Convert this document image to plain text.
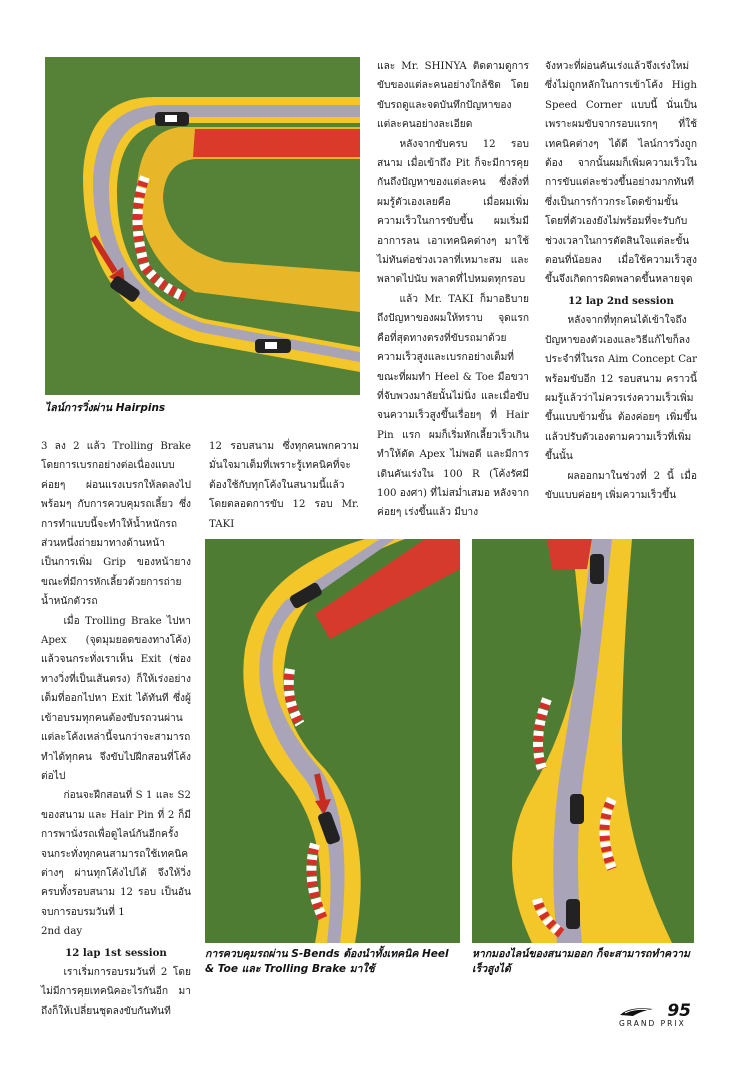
ไลน์การวิ่งผ่าน Hairpins

3 ลง 2 แล้ว Trolling Brake โดยการเบรกอย่างต่อเนื่องแบบค่อยๆ ผ่อนแรงเบรกให้ลดลงไปพร้อมๆ กับการควบคุมรถเลี้ยว ซึ่งการทำแบบนี้จะทำให้น้ำหนักรถส่วนหนึ่งถ่ายมาทางด้านหน้า เป็นการเพิ่ม Grip ของหน้ายางขณะที่มีการหักเลี้ยวด้วยการถ่ายน้ำหนักตัวรถ

เมื่อ Trolling Brake ไปหา Apex (จุดมุมยอดของทางโค้ง) แล้วจนกระทั่งเราเห็น Exit (ช่องทางวิ่งที่เป็นเส้นตรง) ก็ให้เร่งอย่างเต็มที่ออกไปหา Exit ได้ทันที ซึ่งผู้เข้าอบรมทุกคนต้องขับรถวนผ่านแต่ละโค้งเหล่านี้จนกว่าจะสามารถทำได้ทุกคน จึงขับไปฝึกสอนที่โค้งต่อไป

ก่อนจะฝึกสอนที่ S 1 และ S2 ของสนาม และ Hair Pin ที่ 2 ก็มีการพานั่งรถเพื่อดูไลน์กันอีกครั้ง จนกระทั่งทุกคนสามารถใช้เทคนิคต่างๆ ผ่านทุกโค้งไปได้ จึงให้วิ่งครบทั้งรอบสนาม 12 รอบ เป็นอันจบการอบรมวันที่ 1

2nd day

12 lap 1st session

เราเริ่มการอบรมวันที่ 2 โดยไม่มีการคุยเทคนิคอะไรกันอีก มาถึงก็ให้เปลี่ยนชุดลงขับกันทันที

12 รอบสนาม ซึ่งทุกคนพกความมั่นใจมาเต็มที่เพราะรู้เทคนิคที่จะต้องใช้กับทุกโค้งในสนามนี้แล้ว โดยตลอดการขับ 12 รอบ Mr. TAKI

และ Mr. SHINYA ติดตามดูการขับของแต่ละคนอย่างใกล้ชิด โดยขับรถดูและจดบันทึกปัญหาของแต่ละคนอย่างละเอียด

หลังจากขับครบ 12 รอบสนาม เมื่อเข้าถึง Pit ก็จะมีการคุยกันถึงปัญหาของแต่ละคน ซึ่งสิ่งที่ผมรู้ตัวเองเลยคือ เมื่อผมเพิ่มความเร็วในการขับขึ้น ผมเริ่มมีอาการลน เอาเทคนิคต่างๆ มาใช้ไม่ทันต่อช่วงเวลาที่เหมาะสม และพลาดไปนับ พลาดที่ไปหมดทุกรอบ

แล้ว Mr. TAKI ก็มาอธิบายถึงปัญหาของผมให้ทราบ จุดแรกคือที่สุดทางตรงที่ขับรถมาด้วยความเร็วสูงและเบรกอย่างเต็มที่ ขณะที่ผมทำ Heel & Toe มือขวาที่จับพวงมาลัยนั้นไม่นิ่ง และเมื่อขับจนความเร็วสูงขึ้นเรื่อยๆ ที่ Hair Pin แรก ผมก็เริ่มหักเลี้ยวเร็วเกินทำให้ตัด Apex ไม่พอดี และมีการเดินคันเร่งใน 100 R (โค้งรัศมี 100 องศา) ที่ไม่สม่ำเสมอ หลังจากค่อยๆ เร่งขึ้นแล้ว มีบาง

จังหวะที่ผ่อนคันเร่งแล้วจึงเร่งใหม่ ซึ่งไม่ถูกหลักในการเข้าโค้ง High Speed Corner แบบนี้ นั่นเป็นเพราะผมขับจากรอบแรกๆ ที่ใช้เทคนิคต่างๆ ได้ดี ไลน์การวิ่งถูกต้อง จากนั้นผมก็เพิ่มความเร็วในการขับแต่ละช่วงขึ้นอย่างมากทันที ซึ่งเป็นการก้าวกระโดดข้ามขั้น โดยที่ตัวเองยังไม่พร้อมที่จะรับกับช่วงเวลาในการตัดสินใจแต่ละขั้นตอนที่น้อยลง เมื่อใช้ความเร็วสูงขึ้นจึงเกิดการผิดพลาดขึ้นหลายจุด

12 lap 2nd session

หลังจากที่ทุกคนได้เข้าใจถึงปัญหาของตัวเองและวิธีแก้ไขก็ลงประจำที่ในรถ Aim Concept Car พร้อมขับอีก 12 รอบสนาม คราวนี้ผมรู้แล้วว่าไม่ควรเร่งความเร็วเพิ่มขึ้นแบบข้ามขั้น ต้องค่อยๆ เพิ่มขึ้นแล้วปรับตัวเองตามความเร็วที่เพิ่มขึ้นนั้น

ผลออกมาในช่วงที่ 2 นี้ เมื่อขับแบบค่อยๆ เพิ่มความเร็วขึ้น

การควบคุมรถผ่าน S-Bends ต้องนำทั้งเทคนิค Heel & Toe และ Trolling Brake มาใช้
หากมองไลน์ของสนามออก ก็จะสามารถทำความเร็วสูงได้
95
GRAND PRIX
